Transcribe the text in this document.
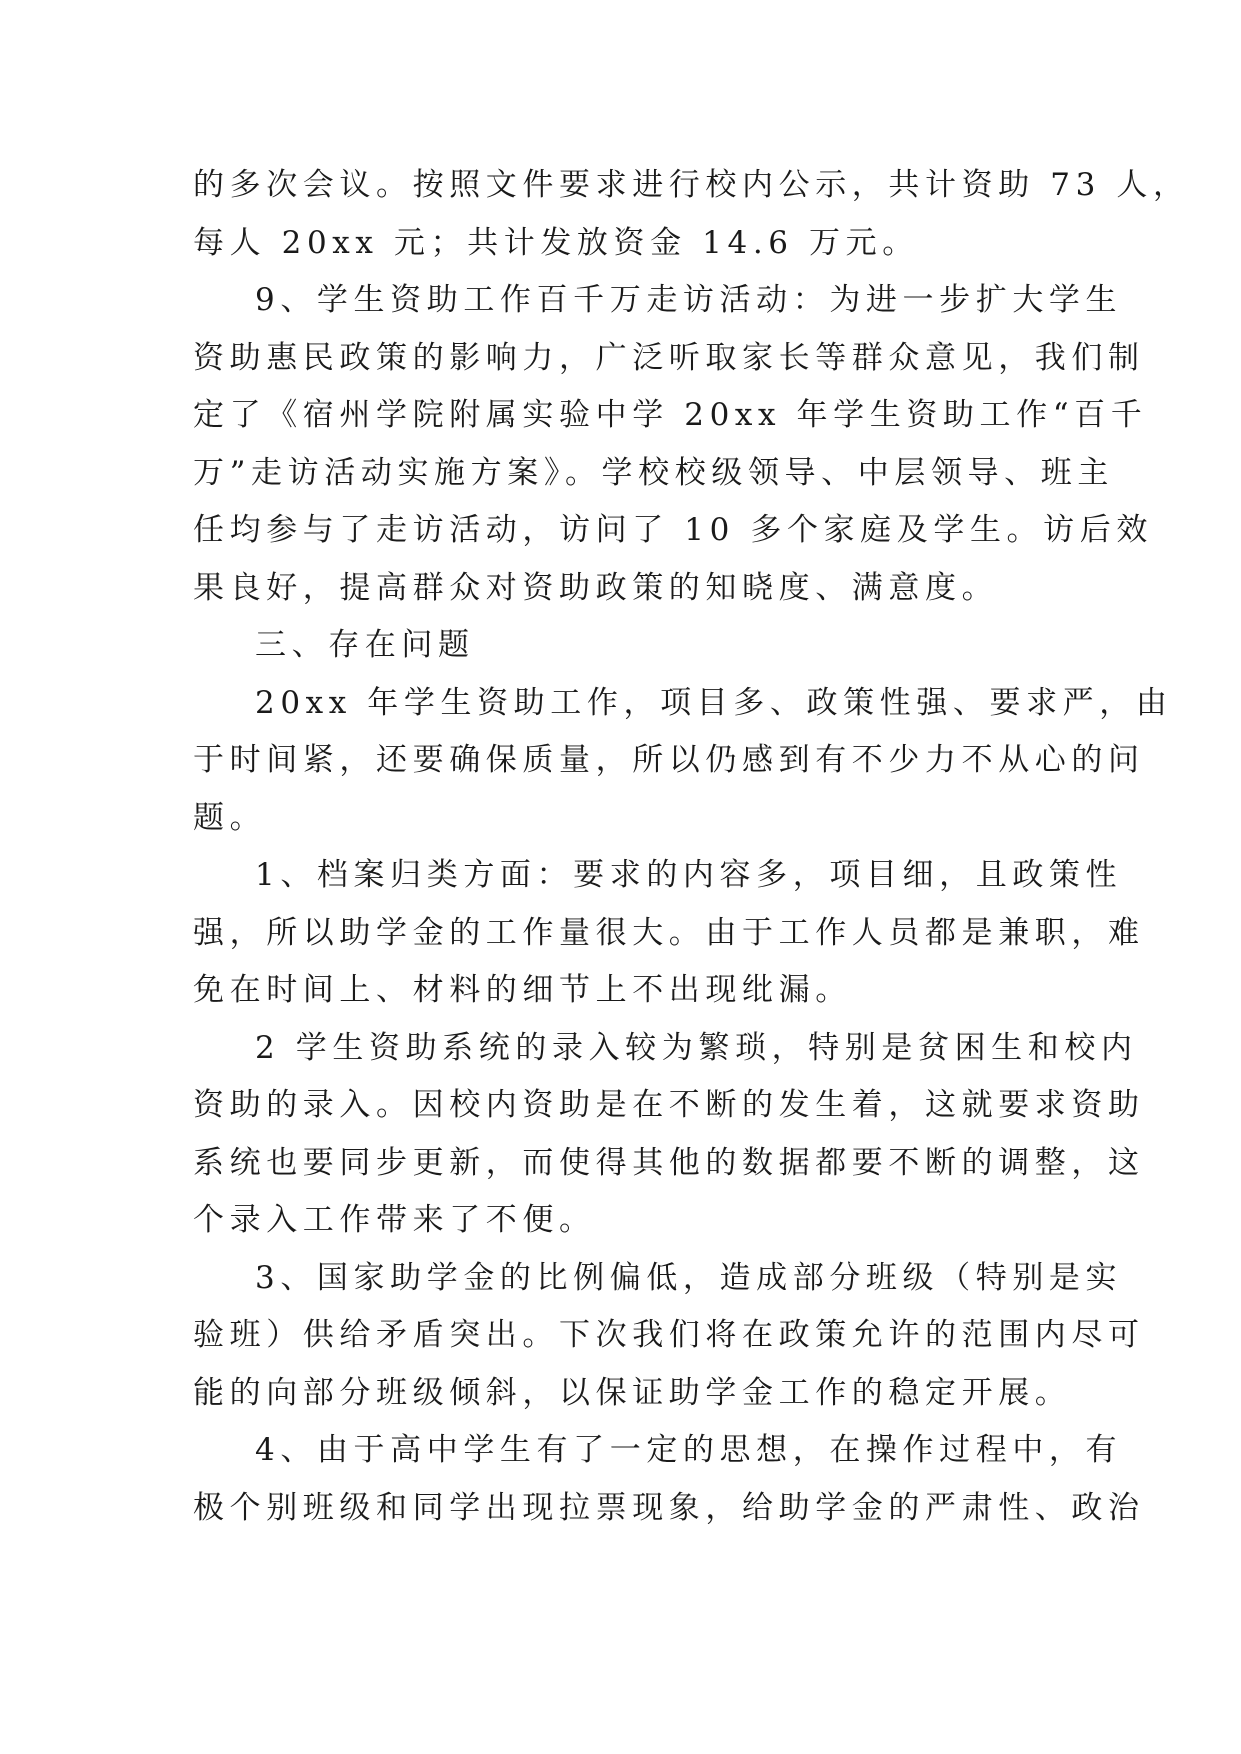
的多次会议。按照文件要求进行校内公示，共计资助 73 人，
每人 20xx 元；共计发放资金 14.6 万元。
9、学生资助工作百千万走访活动：为进一步扩大学生
资助惠民政策的影响力，广泛听取家长等群众意见，我们制
定了《宿州学院附属实验中学 20xx 年学生资助工作“百千
万”走访活动实施方案》。学校校级领导、中层领导、班主
任均参与了走访活动，访问了 10 多个家庭及学生。访后效
果良好，提高群众对资助政策的知晓度、满意度。
三、存在问题
20xx 年学生资助工作，项目多、政策性强、要求严，由
于时间紧，还要确保质量，所以仍感到有不少力不从心的问
题。
1、档案归类方面：要求的内容多，项目细，且政策性
强，所以助学金的工作量很大。由于工作人员都是兼职，难
免在时间上、材料的细节上不出现纰漏。
2 学生资助系统的录入较为繁琐，特别是贫困生和校内
资助的录入。因校内资助是在不断的发生着，这就要求资助
系统也要同步更新，而使得其他的数据都要不断的调整，这
个录入工作带来了不便。
3、国家助学金的比例偏低，造成部分班级（特别是实
验班）供给矛盾突出。下次我们将在政策允许的范围内尽可
能的向部分班级倾斜，以保证助学金工作的稳定开展。
4、由于高中学生有了一定的思想，在操作过程中，有
极个别班级和同学出现拉票现象，给助学金的严肃性、政治
